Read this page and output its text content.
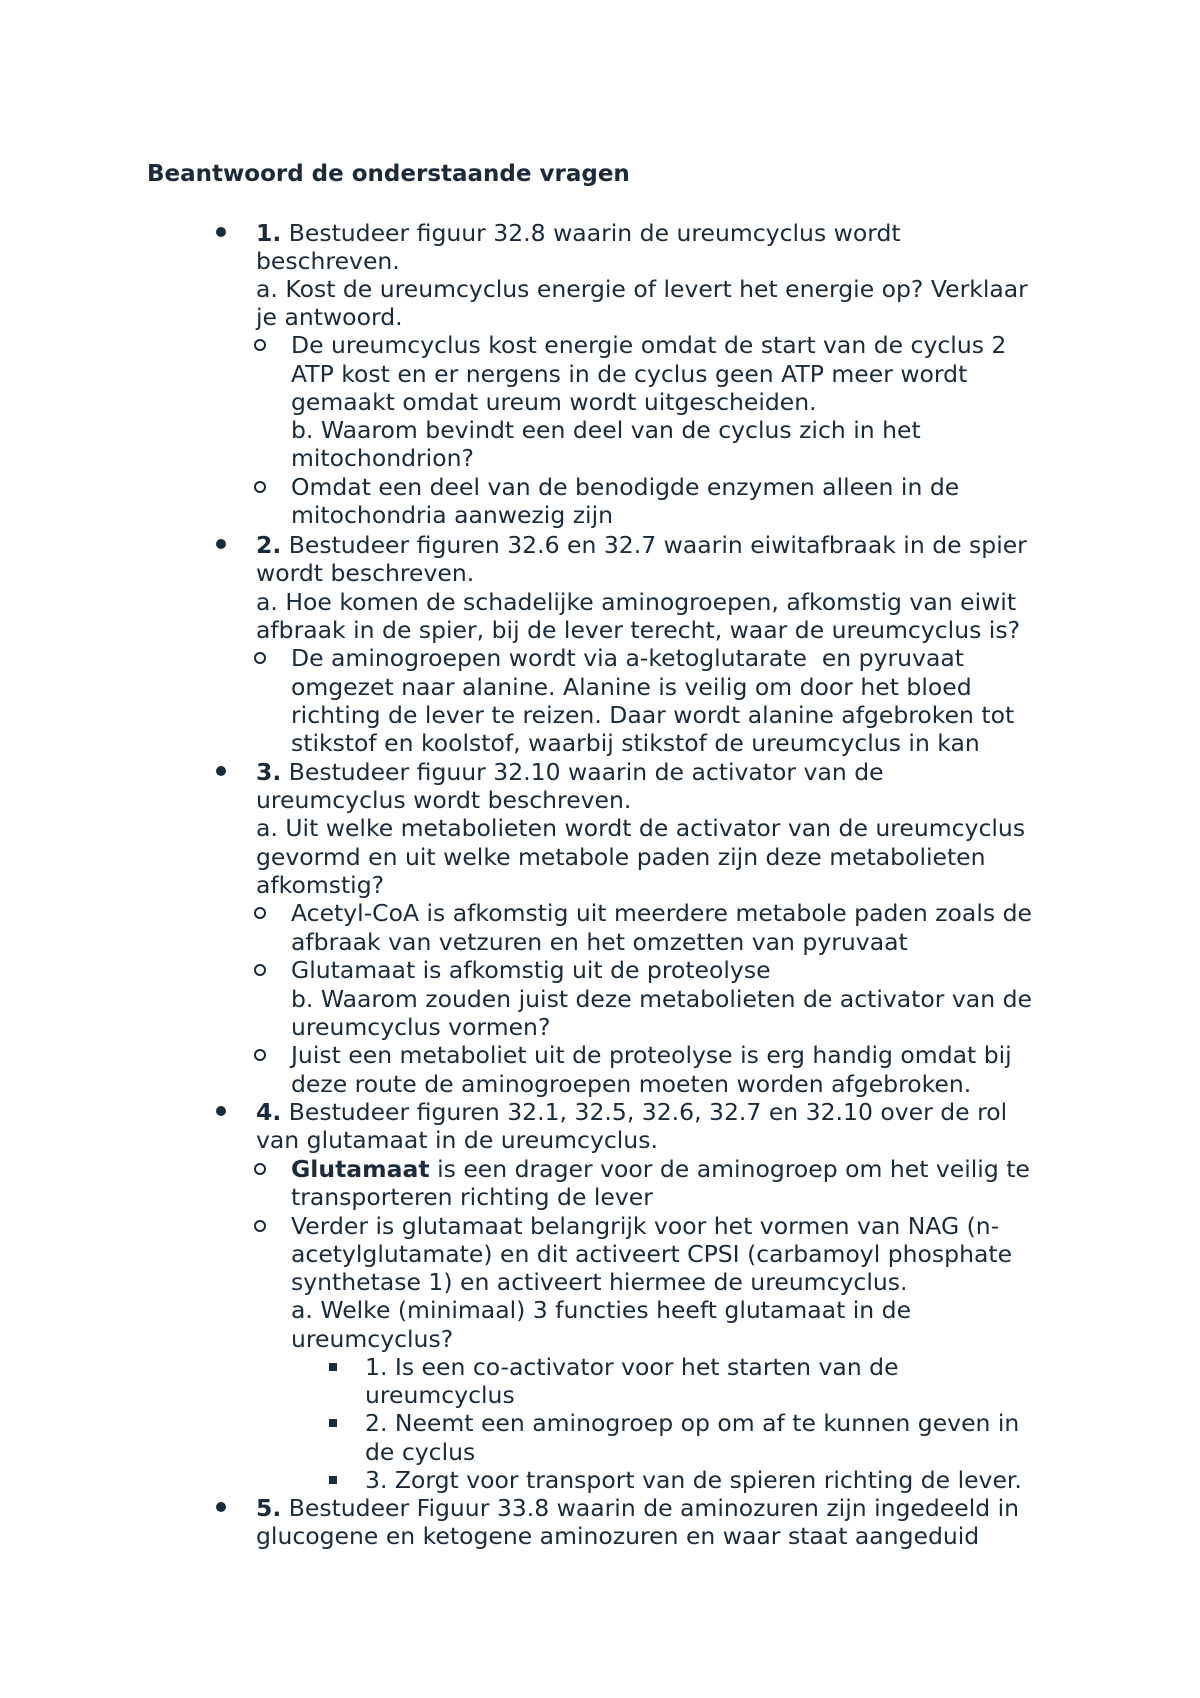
Beantwoord de onderstaande vragen
1. Bestudeer figuur 32.8 waarin de ureumcyclus wordt
beschreven.
a. Kost de ureumcyclus energie of levert het energie op? Verklaar
je antwoord.
De ureumcyclus kost energie omdat de start van de cyclus 2
ATP kost en er nergens in de cyclus geen ATP meer wordt
gemaakt omdat ureum wordt uitgescheiden.
b. Waarom bevindt een deel van de cyclus zich in het
mitochondrion?
Omdat een deel van de benodigde enzymen alleen in de
mitochondria aanwezig zijn
2. Bestudeer figuren 32.6 en 32.7 waarin eiwitafbraak in de spier
wordt beschreven.
a. Hoe komen de schadelijke aminogroepen, afkomstig van eiwit
afbraak in de spier, bij de lever terecht, waar de ureumcyclus is?
De aminogroepen wordt via a-ketoglutarate  en pyruvaat
omgezet naar alanine. Alanine is veilig om door het bloed
richting de lever te reizen. Daar wordt alanine afgebroken tot
stikstof en koolstof, waarbij stikstof de ureumcyclus in kan
3. Bestudeer figuur 32.10 waarin de activator van de
ureumcyclus wordt beschreven.
a. Uit welke metabolieten wordt de activator van de ureumcyclus
gevormd en uit welke metabole paden zijn deze metabolieten
afkomstig?
Acetyl-CoA is afkomstig uit meerdere metabole paden zoals de
afbraak van vetzuren en het omzetten van pyruvaat
Glutamaat is afkomstig uit de proteolyse
b. Waarom zouden juist deze metabolieten de activator van de
ureumcyclus vormen?
Juist een metaboliet uit de proteolyse is erg handig omdat bij
deze route de aminogroepen moeten worden afgebroken.
4. Bestudeer figuren 32.1, 32.5, 32.6, 32.7 en 32.10 over de rol
van glutamaat in de ureumcyclus.
Glutamaat is een drager voor de aminogroep om het veilig te
transporteren richting de lever
Verder is glutamaat belangrijk voor het vormen van NAG (n-
acetylglutamate) en dit activeert CPSI (carbamoyl phosphate
synthetase 1) en activeert hiermee de ureumcyclus.
a. Welke (minimaal) 3 functies heeft glutamaat in de
ureumcyclus?
1. Is een co-activator voor het starten van de
ureumcyclus
2. Neemt een aminogroep op om af te kunnen geven in
de cyclus
3. Zorgt voor transport van de spieren richting de lever.
5. Bestudeer Figuur 33.8 waarin de aminozuren zijn ingedeeld in
glucogene en ketogene aminozuren en waar staat aangeduid
